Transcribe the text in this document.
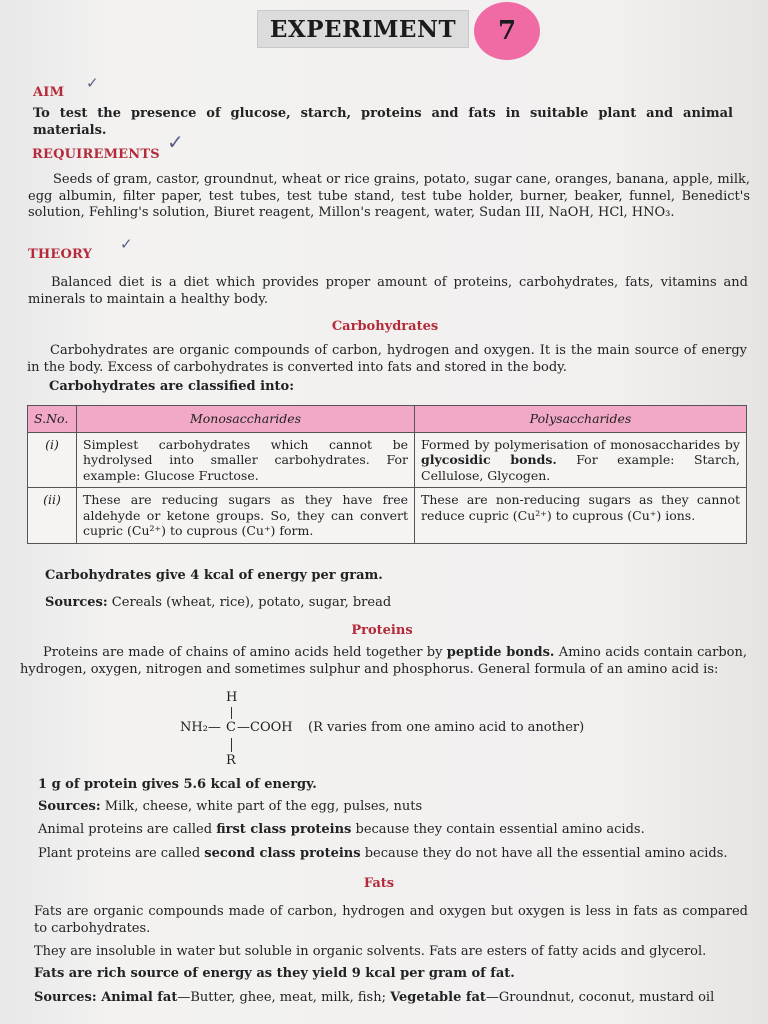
EXPERIMENT	7
AIM
✓
To test the presence of glucose, starch, proteins and fats in suitable plant and animal materials.
REQUIREMENTS
✓
Seeds of gram, castor, groundnut, wheat or rice grains, potato, sugar cane, oranges, banana, apple, milk, egg albumin, filter paper, test tubes, test tube stand, test tube holder, burner, beaker, funnel, Benedict's solution, Fehling's solution, Biuret reagent, Millon's reagent, water, Sudan III, NaOH, HCl, HNO₃.
THEORY
✓
Balanced diet is a diet which provides proper amount of proteins, carbohydrates, fats, vitamins and minerals to maintain a healthy body.
Carbohydrates
Carbohydrates are organic compounds of carbon, hydrogen and oxygen. It is the main source of energy in the body. Excess of carbohydrates is converted into fats and stored in the body.
Carbohydrates are classified into:
S.No.	Monosaccharides	Polysaccharides
(i)	Simplest carbohydrates which cannot be hydrolysed into smaller carbohydrates. For example: Glucose Fructose.	Formed by polymerisation of monosaccharides by glycosidic bonds. For example: Starch, Cellulose, Glycogen.
(ii)	These are reducing sugars as they have free aldehyde or ketone groups. So, they can convert cupric (Cu²⁺) to cuprous (Cu⁺) form.	These are non-reducing sugars as they cannot reduce cupric (Cu²⁺) to cuprous (Cu⁺) ions.
Carbohydrates give 4 kcal of energy per gram.
Sources: Cereals (wheat, rice), potato, sugar, bread
Proteins
Proteins are made of chains of amino acids held together by peptide bonds. Amino acids contain carbon, hydrogen, oxygen, nitrogen and sometimes sulphur and phosphorus. General formula of an amino acid is:
H
NH₂— C —COOH (R varies from one amino acid to another)
R
1 g of protein gives 5.6 kcal of energy.
Sources: Milk, cheese, white part of the egg, pulses, nuts
Animal proteins are called first class proteins because they contain essential amino acids.
Plant proteins are called second class proteins because they do not have all the essential amino acids.
Fats
Fats are organic compounds made of carbon, hydrogen and oxygen but oxygen is less in fats as compared to carbohydrates.
They are insoluble in water but soluble in organic solvents. Fats are esters of fatty acids and glycerol.
Fats are rich source of energy as they yield 9 kcal per gram of fat.
Sources: Animal fat—Butter, ghee, meat, milk, fish; Vegetable fat—Groundnut, coconut, mustard oil
